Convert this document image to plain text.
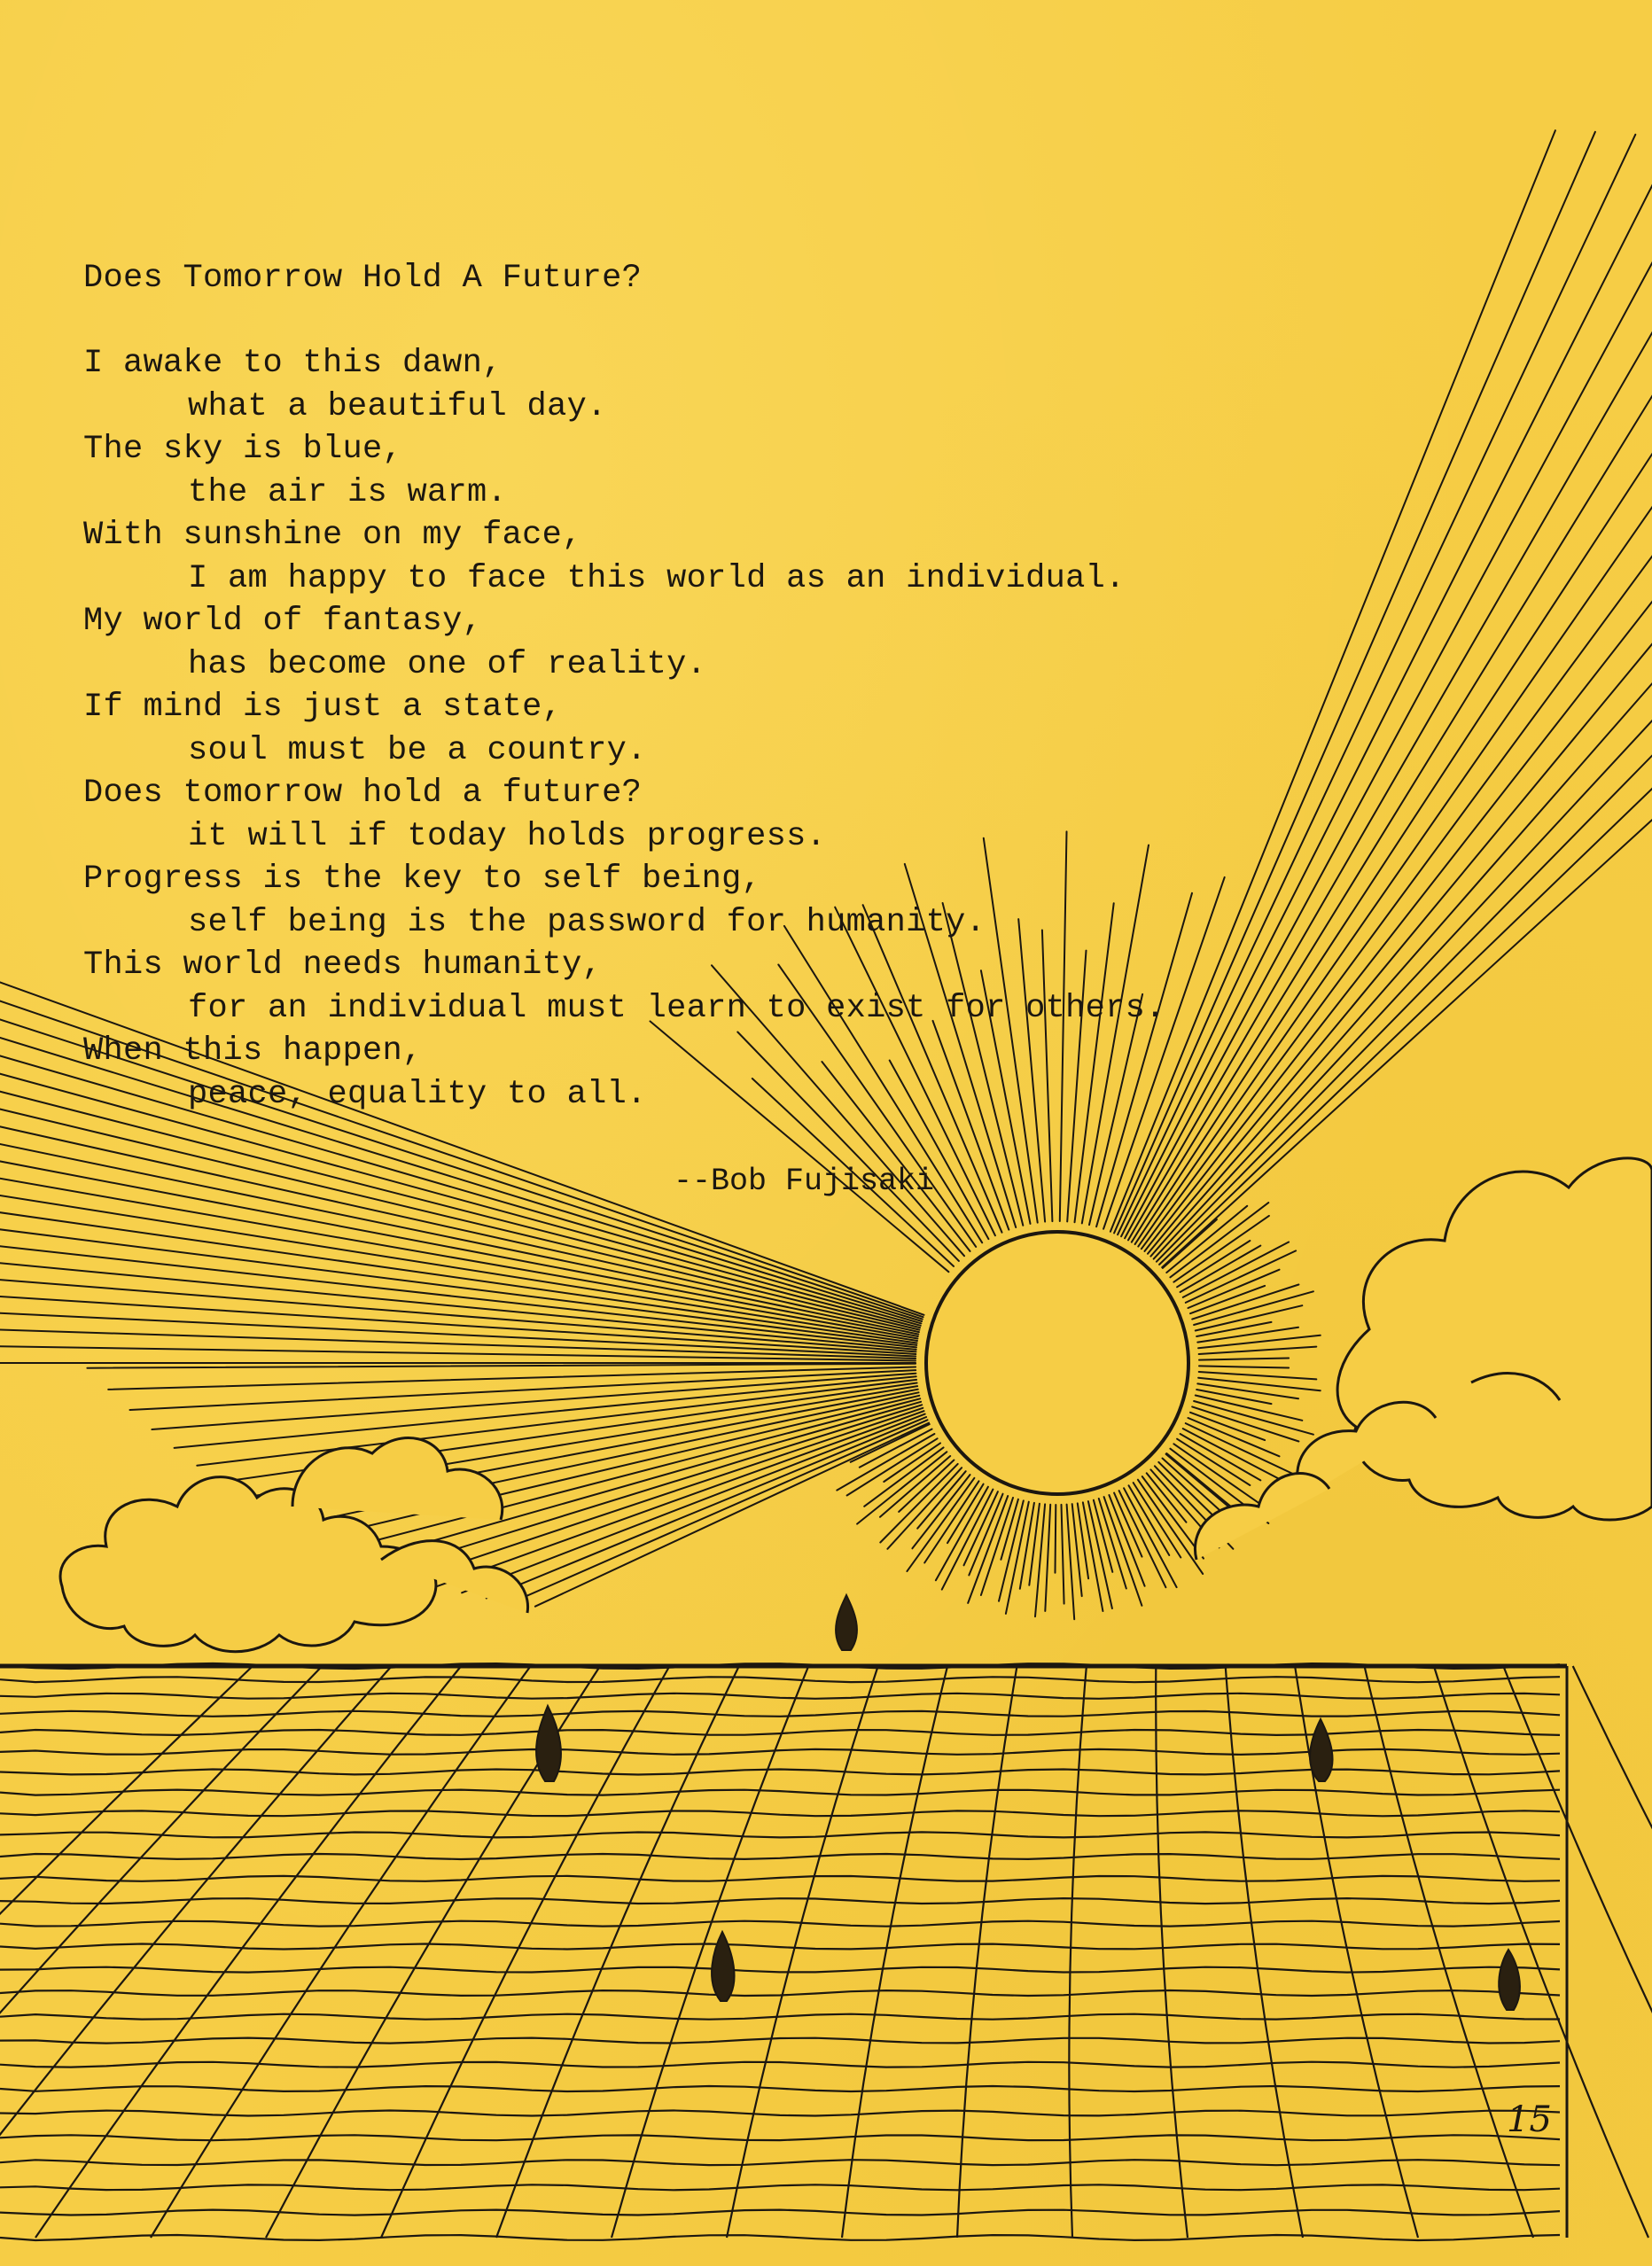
Does Tomorrow Hold A Future?
I awake to this dawn,
what a beautiful day.
The sky is blue,
the air is warm.
With sunshine on my face,
I am happy to face this world as an individual.
My world of fantasy,
has become one of reality.
If mind is just a state,
soul must be a country.
Does tomorrow hold a future?
it will if today holds progress.
Progress is the key to self being,
self being is the password for humanity.
This world needs humanity,
for an individual must learn to exist for others.
When this happen,
peace, equality to all.
--Bob Fujisaki
15
